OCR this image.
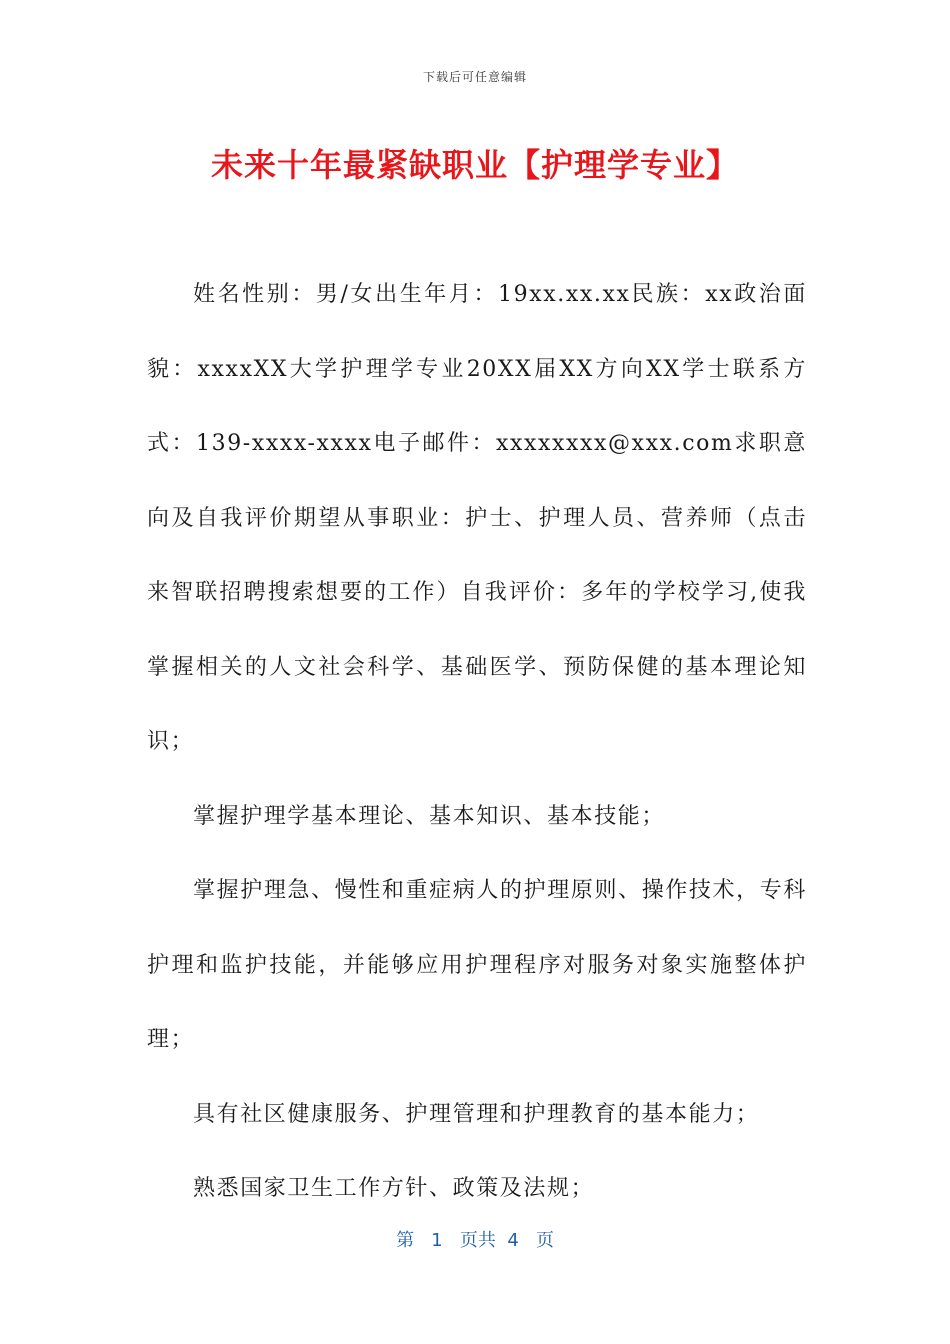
下载后可任意编辑
未来十年最紧缺职业【护理学专业】

姓名性别：男/女出生年月：19xx.xx.xx民族：xx政治面貌：xxxxXX大学护理学专业20XX届XX方向XX学士联系方式：139-xxxx-xxxx电子邮件：xxxxxxxx@xxx.com求职意向及自我评价期望从事职业：护士、护理人员、营养师（点击来智联招聘搜索想要的工作）自我评价：多年的学校学习,使我掌握相关的人文社会科学、基础医学、预防保健的基本理论知识；

掌握护理学基本理论、基本知识、基本技能；

掌握护理急、慢性和重症病人的护理原则、操作技术，专科护理和监护技能，并能够应用护理程序对服务对象实施整体护理；

具有社区健康服务、护理管理和护理教育的基本能力；

熟悉国家卫生工作方针、政策及法规；

第 1 页共 4 页
